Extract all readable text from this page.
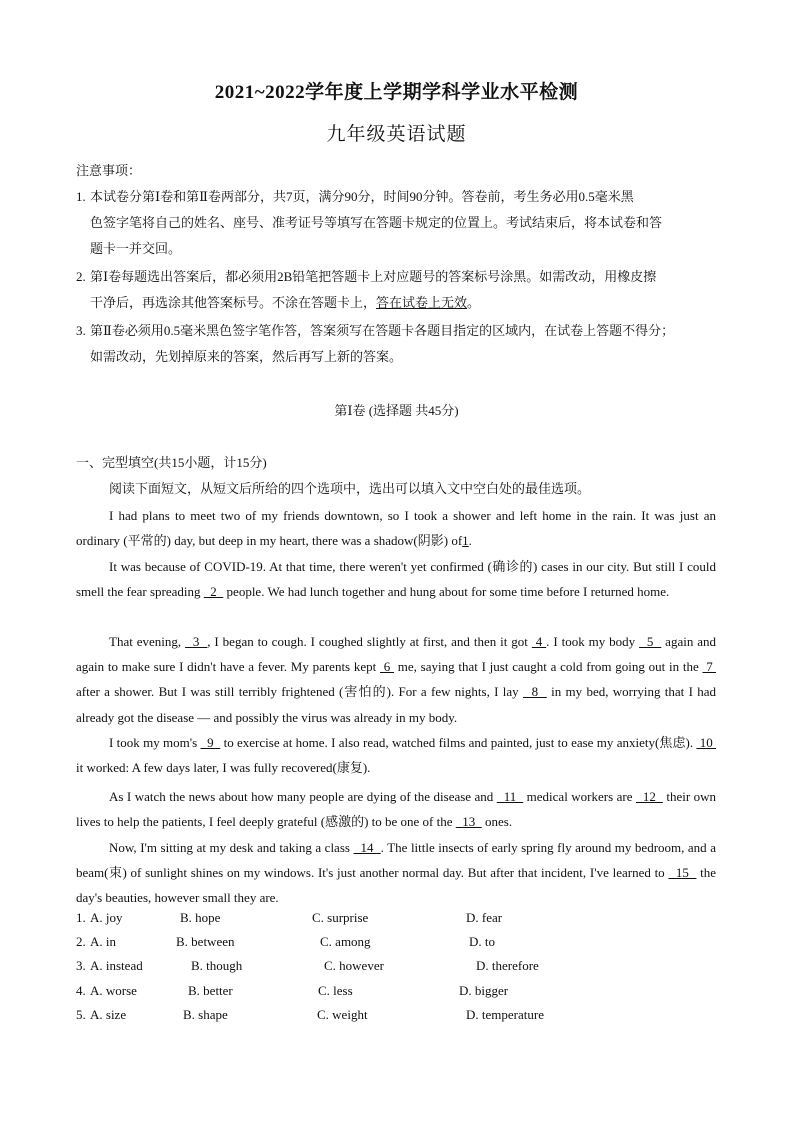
2021~2022学年度上学期学科学业水平检测
九年级英语试题
注意事项：
1. 本试卷分第Ⅰ卷和第Ⅱ卷两部分，共7页，满分90分，时间90分钟。答卷前，考生务必用0.5毫米黑
色签字笔将自己的姓名、座号、准考证号等填写在答题卡规定的位置上。考试结束后，将本试卷和答
题卡一并交回。
2. 第Ⅰ卷每题选出答案后，都必须用2B铅笔把答题卡上对应题号的答案标号涂黑。如需改动，用橡皮擦
干净后，再选涂其他答案标号。不涂在答题卡上，答在试卷上无效。
3. 第Ⅱ卷必须用0.5毫米黑色签字笔作答，答案须写在答题卡各题目指定的区域内，在试卷上答题不得分；
如需改动，先划掉原来的答案，然后再写上新的答案。
第Ⅰ卷 (选择题 共45分)
一、完型填空(共15小题，计15分)
阅读下面短文，从短文后所给的四个选项中，选出可以填入文中空白处的最佳选项。
I had plans to meet two of my friends downtown, so I took a shower and left home in the rain. It was just an ordinary (平常的) day, but deep in my heart, there was a shadow(阴影) of1.
It was because of COVID-19. At that time, there weren't yet confirmed (确诊的) cases in our city. But still I could smell the fear spreading   2   people. We had lunch together and hung about for some time before I returned home.
That evening,   3  , I began to cough. I coughed slightly at first, and then it got  4 . I took my body   5   again and again to make sure I didn't have a fever. My parents kept  6  me, saying that I just caught a cold from going out in the  7  after a shower. But I was still terribly frightened (害怕的). For a few nights, I lay   8   in my bed, worrying that I had already got the disease — and possibly the virus was already in my body.
I took my mom's   9   to exercise at home. I also read, watched films and painted, just to ease my anxiety(焦虑).  10  it worked: A few days later, I was fully recovered(康复).
As I watch the news about how many people are dying of the disease and   11   medical workers are   12   their own lives to help the patients, I feel deeply grateful (感激的) to be one of the   13   ones.
Now, I'm sitting at my desk and taking a class   14  . The little insects of early spring fly around my bedroom, and a beam(束) of sunlight shines on my windows. It's just another normal day. But after that incident, I've learned to   15   the day's beauties, however small they are.
1. A. joy	B. hope	C. surprise	D. fear
2. A. in	B. between	C. among	D. to
3. A. instead	B. though	C. however	D. therefore
4. A. worse	B. better	C. less	D. bigger
5. A. size	B. shape	C. weight	D. temperature
